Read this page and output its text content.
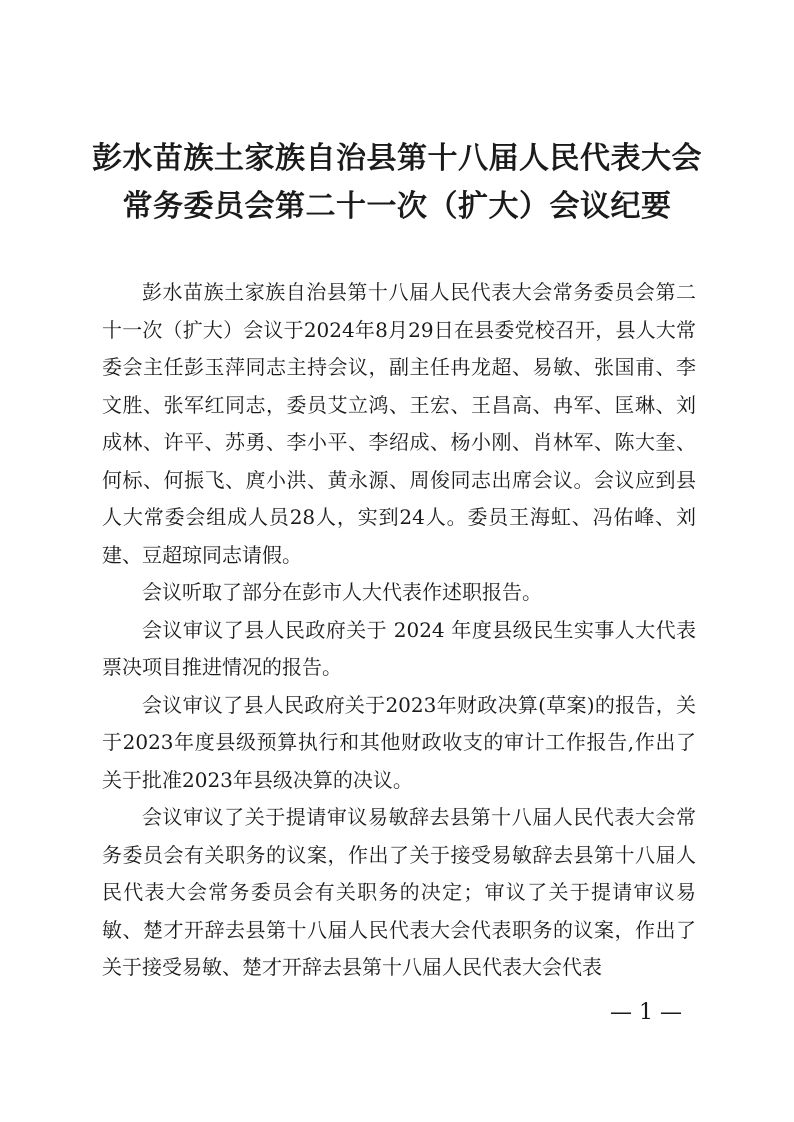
彭水苗族土家族自治县第十八届人民代表大会
常务委员会第二十一次（扩大）会议纪要

彭水苗族土家族自治县第十八届人民代表大会常务委员会第二十一次（扩大）会议于2024年8月29日在县委党校召开，县人大常委会主任彭玉萍同志主持会议，副主任冉龙超、易敏、张国甫、李文胜、张军红同志，委员艾立鸿、王宏、王昌高、冉军、匡琳、刘成林、许平、苏勇、李小平、李绍成、杨小刚、肖林军、陈大奎、何标、何振飞、庹小洪、黄永源、周俊同志出席会议。会议应到县人大常委会组成人员28人，实到24人。委员王海虹、冯佑峰、刘建、豆超琼同志请假。

会议听取了部分在彭市人大代表作述职报告。

会议审议了县人民政府关于 2024 年度县级民生实事人大代表票决项目推进情况的报告。

会议审议了县人民政府关于2023年财政决算(草案)的报告，关于2023年度县级预算执行和其他财政收支的审计工作报告,作出了关于批准2023年县级决算的决议。

会议审议了关于提请审议易敏辞去县第十八届人民代表大会常务委员会有关职务的议案，作出了关于接受易敏辞去县第十八届人民代表大会常务委员会有关职务的决定；审议了关于提请审议易敏、楚才开辞去县第十八届人民代表大会代表职务的议案，作出了关于接受易敏、楚才开辞去县第十八届人民代表大会代表

— 1 —
